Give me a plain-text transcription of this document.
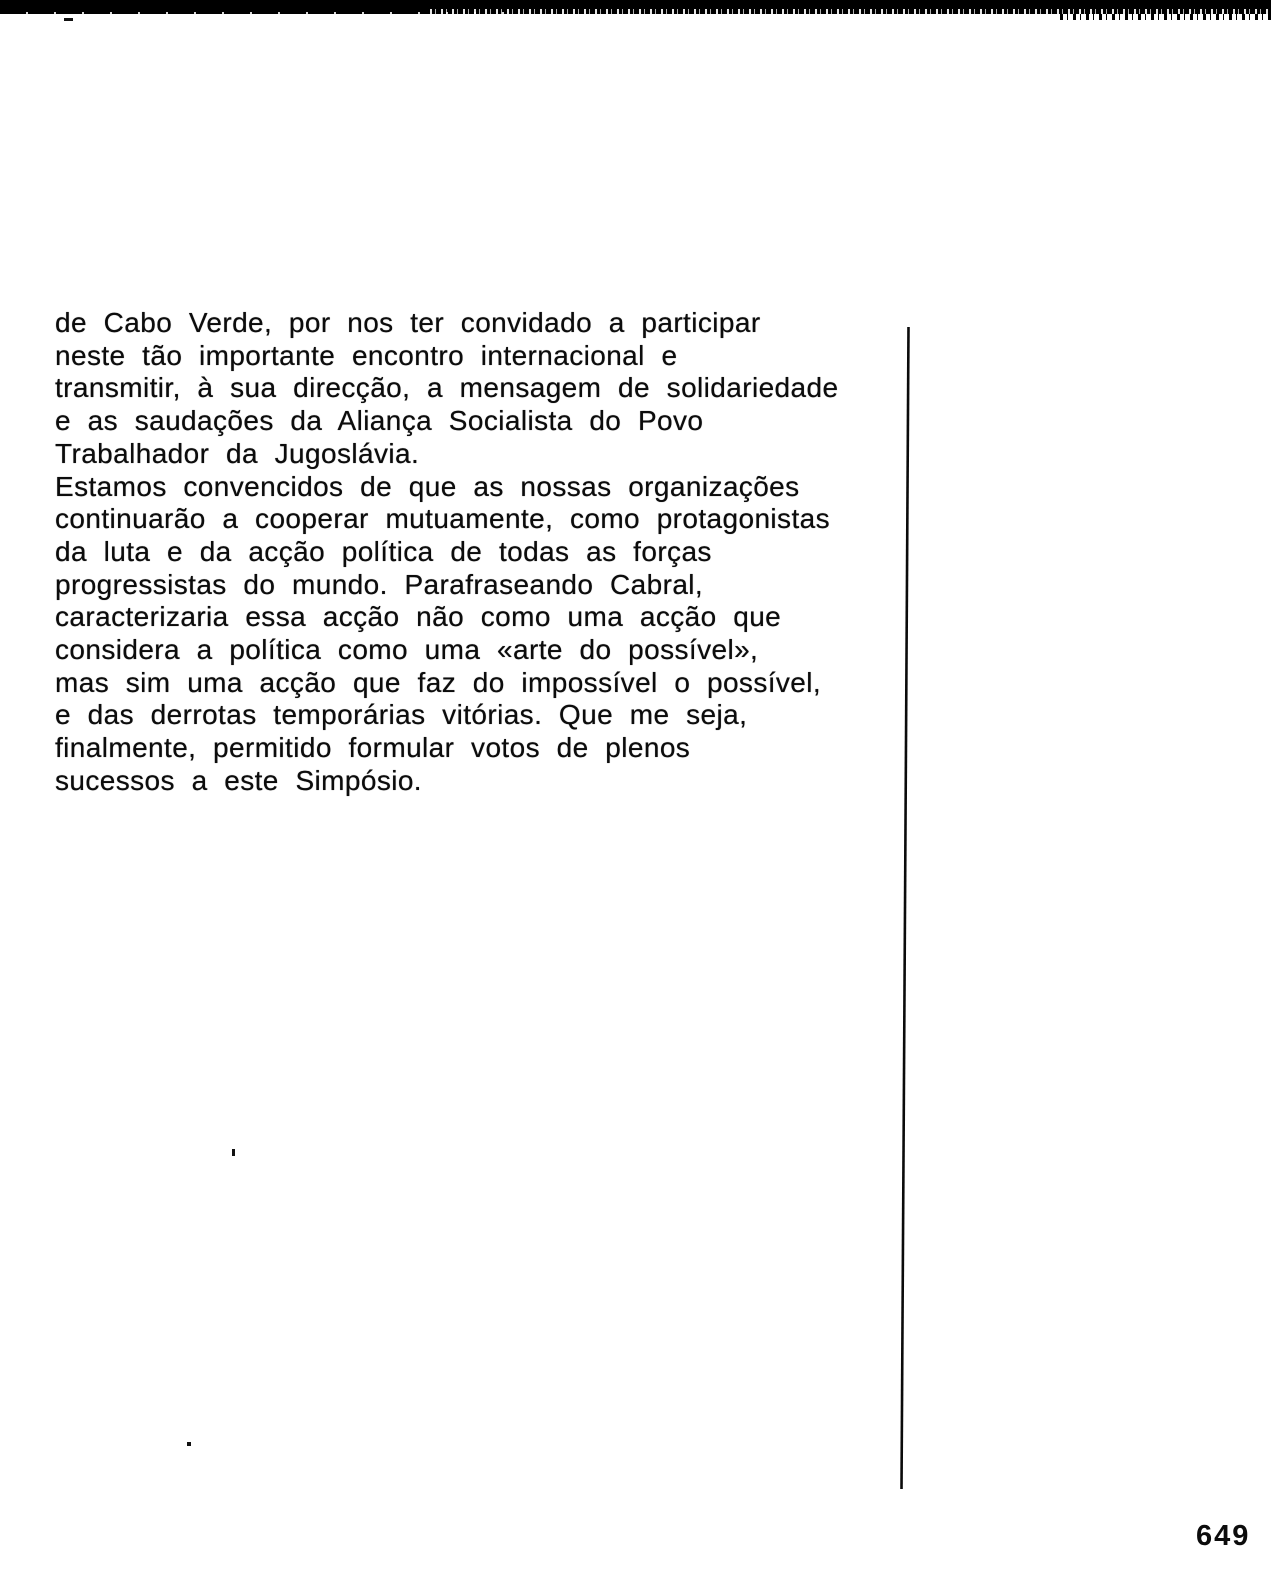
de Cabo Verde, por nos ter convidado a participar
neste tão importante encontro internacional e
transmitir, à sua direcção, a mensagem de solidariedade
e as saudações da Aliança Socialista do Povo
Trabalhador da Jugoslávia.
Estamos convencidos de que as nossas organizações
continuarão a cooperar mutuamente, como protagonistas
da luta e da acção política de todas as forças
progressistas do mundo. Parafraseando Cabral,
caracterizaria essa acção não como uma acção que
considera a política como uma «arte do possível»,
mas sim uma acção que faz do impossível o possível,
e das derrotas temporárias vitórias. Que me seja,
finalmente, permitido formular votos de plenos
sucessos a este Simpósio.
649
